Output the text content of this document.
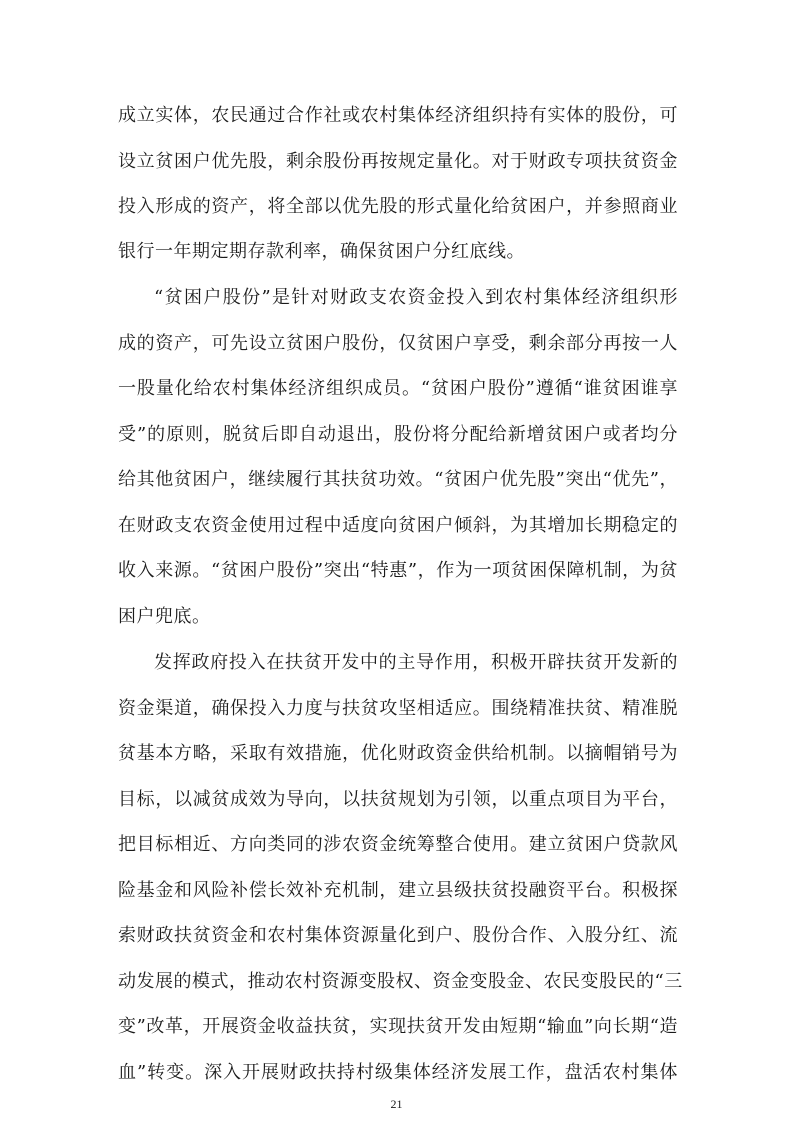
成立实体，农民通过合作社或农村集体经济组织持有实体的股份，可
设立贫困户优先股，剩余股份再按规定量化。对于财政专项扶贫资金
投入形成的资产，将全部以优先股的形式量化给贫困户，并参照商业
银行一年期定期存款利率，确保贫困户分红底线。
“贫困户股份”是针对财政支农资金投入到农村集体经济组织形
成的资产，可先设立贫困户股份，仅贫困户享受，剩余部分再按一人
一股量化给农村集体经济组织成员。“贫困户股份”遵循“谁贫困谁享
受”的原则，脱贫后即自动退出，股份将分配给新增贫困户或者均分
给其他贫困户，继续履行其扶贫功效。“贫困户优先股”突出“优先”，
在财政支农资金使用过程中适度向贫困户倾斜，为其增加长期稳定的
收入来源。“贫困户股份”突出“特惠”，作为一项贫困保障机制，为贫
困户兜底。
发挥政府投入在扶贫开发中的主导作用，积极开辟扶贫开发新的
资金渠道，确保投入力度与扶贫攻坚相适应。围绕精准扶贫、精准脱
贫基本方略，采取有效措施，优化财政资金供给机制。以摘帽销号为
目标，以减贫成效为导向，以扶贫规划为引领，以重点项目为平台，
把目标相近、方向类同的涉农资金统筹整合使用。建立贫困户贷款风
险基金和风险补偿长效补充机制，建立县级扶贫投融资平台。积极探
索财政扶贫资金和农村集体资源量化到户、股份合作、入股分红、流
动发展的模式，推动农村资源变股权、资金变股金、农民变股民的“三
变”改革，开展资金收益扶贫，实现扶贫开发由短期“输血”向长期“造
血”转变。深入开展财政扶持村级集体经济发展工作，盘活农村集体
21
